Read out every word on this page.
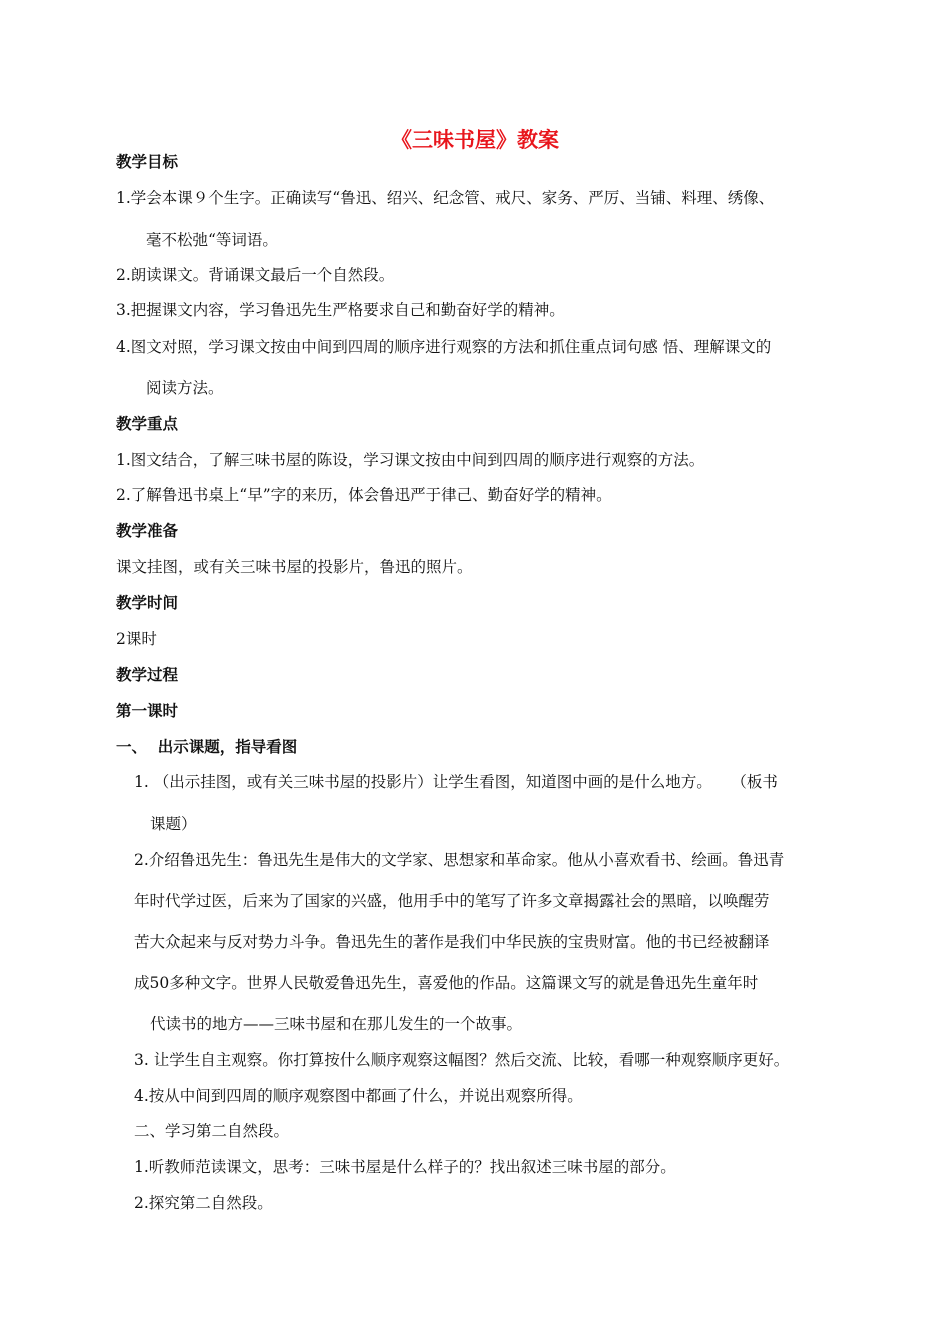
《三味书屋》教案
教学目标
1.学会本课９个生字。正确读写“鲁迅、绍兴、纪念管、戒尺、家务、严厉、当铺、料理、绣像、
毫不松弛“等词语。
2.朗读课文。背诵课文最后一个自然段。
3.把握课文内容，学习鲁迅先生严格要求自己和勤奋好学的精神。
4.图文对照，学习课文按由中间到四周的顺序进行观察的方法和抓住重点词句感 悟、理解课文的
阅读方法。
教学重点
1.图文结合，了解三味书屋的陈设，学习课文按由中间到四周的顺序进行观察的方法。
2.了解鲁迅书桌上“早”字的来历，体会鲁迅严于律己、勤奋好学的精神。
教学准备
课文挂图，或有关三味书屋的投影片，鲁迅的照片。
教学时间
2课时
教学过程
第一课时
一、  出示课题，指导看图
1. （出示挂图，或有关三味书屋的投影片）让学生看图，知道图中画的是什么地方。    （板书
课题）
2.介绍鲁迅先生：鲁迅先生是伟大的文学家、思想家和革命家。他从小喜欢看书、绘画。鲁迅青
年时代学过医，后来为了国家的兴盛，他用手中的笔写了许多文章揭露社会的黑暗，以唤醒劳
苦大众起来与反对势力斗争。鲁迅先生的著作是我们中华民族的宝贵财富。他的书已经被翻译
成50多种文字。世界人民敬爱鲁迅先生，喜爱他的作品。这篇课文写的就是鲁迅先生童年时
代读书的地方——三味书屋和在那儿发生的一个故事。
3. 让学生自主观察。你打算按什么顺序观察这幅图？然后交流、比较，看哪一种观察顺序更好。
4.按从中间到四周的顺序观察图中都画了什么，并说出观察所得。
二、学习第二自然段。
1.听教师范读课文，思考：三味书屋是什么样子的？找出叙述三味书屋的部分。
2.探究第二自然段。
